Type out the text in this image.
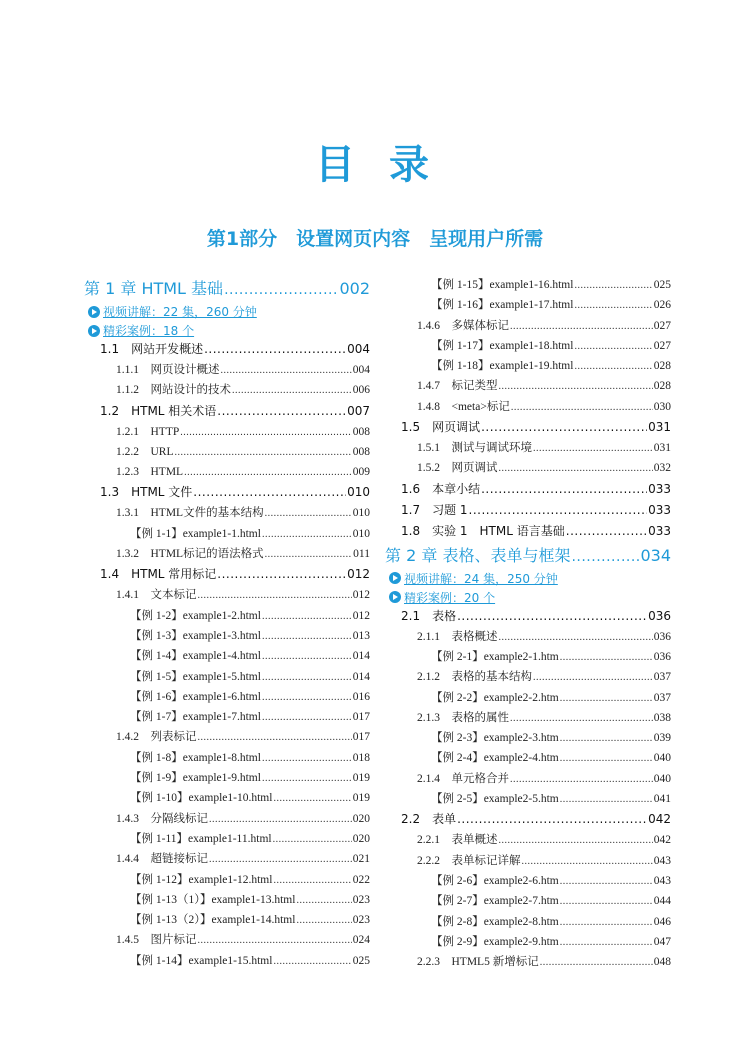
目 录
第1部分　设置网页内容　呈现用户所需
第 1 章 HTML 基础 .....	002
视频讲解：22 集，260 分钟
精彩案例：18 个
1.1　网站开发概述 .....	004
1.1.1　网页设计概述 .....	004
1.1.2　网站设计的技术 .....	006
1.2　HTML 相关术语 .....	007
1.2.1　HTTP .....	008
1.2.2　URL .....	008
1.2.3　HTML .....	009
1.3　HTML 文件 .....	010
1.3.1　HTML文件的基本结构 .....	010
【例 1-1】example1-1.html .....	010
1.3.2　HTML标记的语法格式 .....	011
1.4　HTML 常用标记 .....	012
1.4.1　文本标记 .....	012
【例 1-2】example1-2.html .....	012
【例 1-3】example1-3.html .....	013
【例 1-4】example1-4.html .....	014
【例 1-5】example1-5.html .....	014
【例 1-6】example1-6.html .....	016
【例 1-7】example1-7.html .....	017
1.4.2　列表标记 .....	017
【例 1-8】example1-8.html .....	018
【例 1-9】example1-9.html .....	019
【例 1-10】example1-10.html .....	019
1.4.3　分隔线标记 .....	020
【例 1-11】example1-11.html .....	020
1.4.4　超链接标记 .....	021
【例 1-12】example1-12.html .....	022
【例 1-13（1）】example1-13.html .....	023
【例 1-13（2）】example1-14.html .....	023
1.4.5　图片标记 .....	024
【例 1-14】example1-15.html .....	025
【例 1-15】example1-16.html .....	025
【例 1-16】example1-17.html .....	026
1.4.6　多媒体标记 .....	027
【例 1-17】example1-18.html .....	027
【例 1-18】example1-19.html .....	028
1.4.7　标记类型 .....	028
1.4.8　<meta>标记 .....	030
1.5　网页调试 .....	031
1.5.1　测试与调试环境 .....	031
1.5.2　网页调试 .....	032
1.6　本章小结 .....	033
1.7　习题 1 .....	033
1.8　实验 1　HTML 语言基础 .....	033
第 2 章 表格、表单与框架 .....	034
视频讲解：24 集，250 分钟
精彩案例：20 个
2.1　表格 .....	036
2.1.1　表格概述 .....	036
【例 2-1】example2-1.htm .....	036
2.1.2　表格的基本结构 .....	037
【例 2-2】example2-2.htm .....	037
2.1.3　表格的属性 .....	038
【例 2-3】example2-3.htm .....	039
【例 2-4】example2-4.htm .....	040
2.1.4　单元格合并 .....	040
【例 2-5】example2-5.htm .....	041
2.2　表单 .....	042
2.2.1　表单概述 .....	042
2.2.2　表单标记详解 .....	043
【例 2-6】example2-6.htm .....	043
【例 2-7】example2-7.htm .....	044
【例 2-8】example2-8.htm .....	046
【例 2-9】example2-9.htm .....	047
2.2.3　HTML5 新增标记 .....	048
